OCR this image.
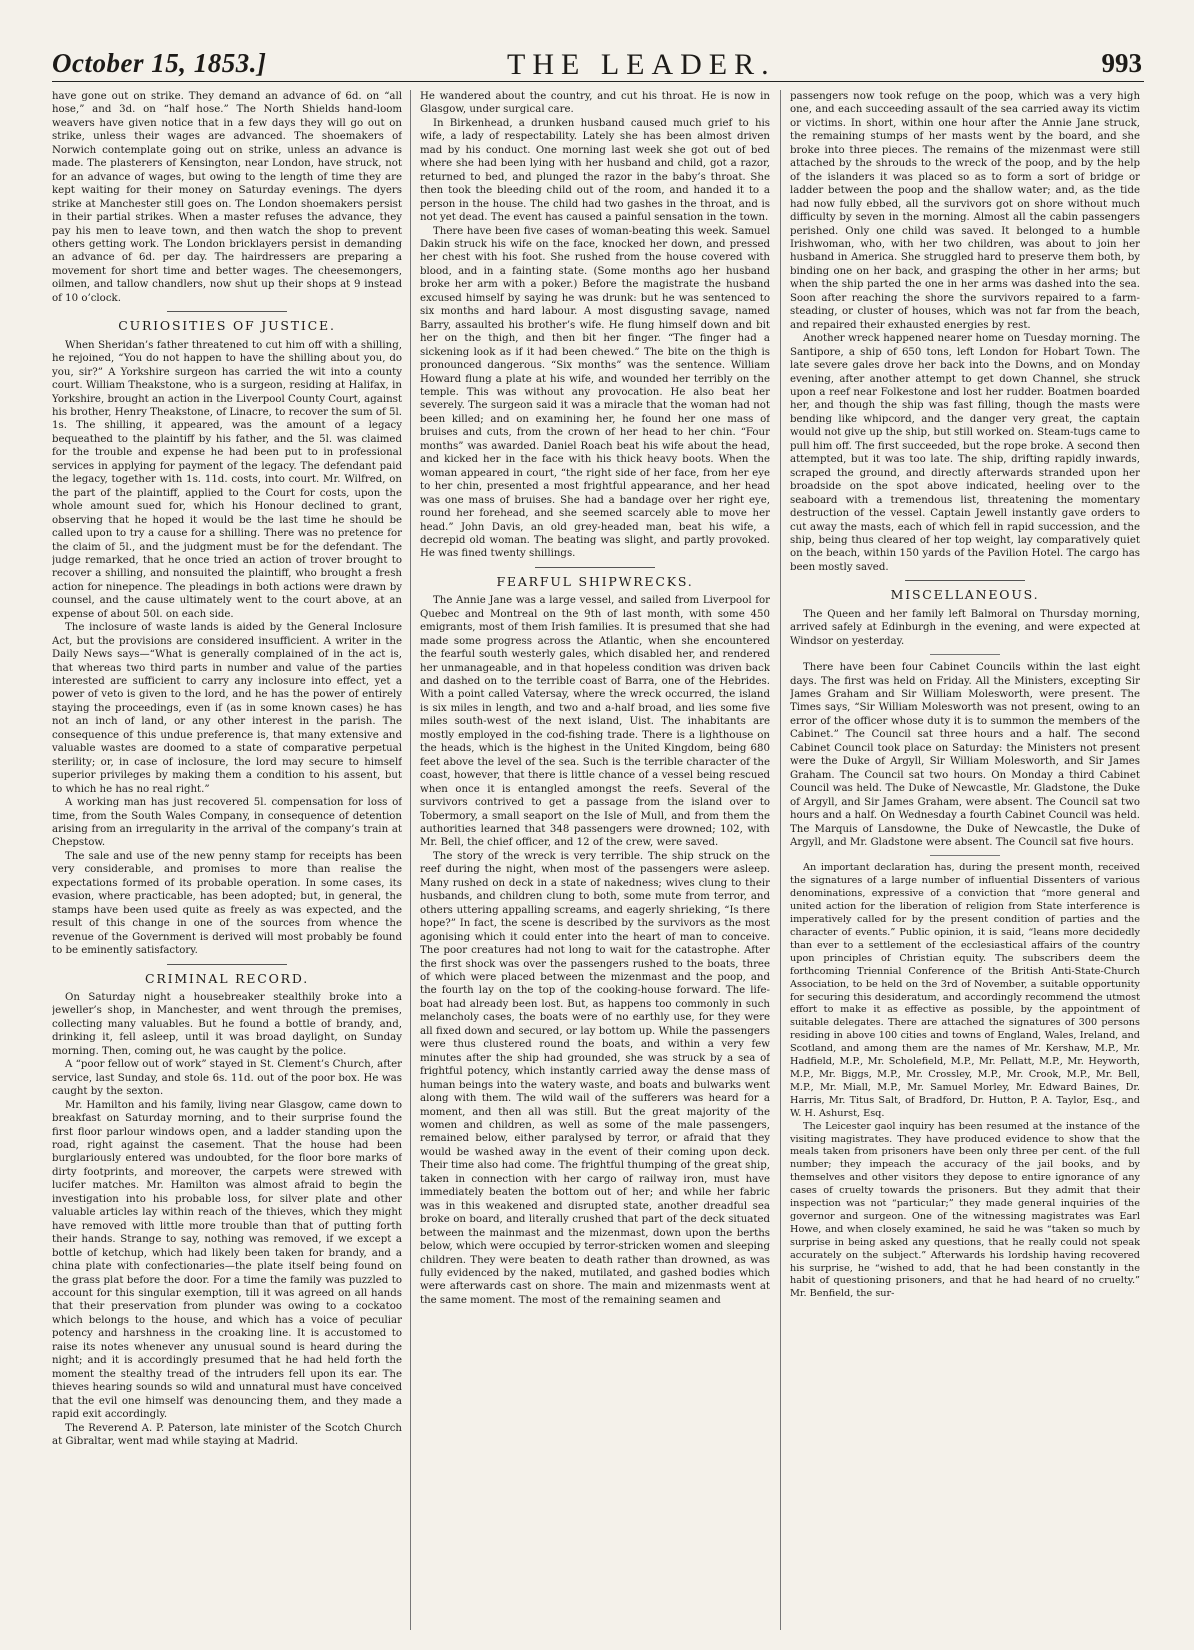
October 15, 1853.]	THE LEADER.	993

have gone out on strike. They demand an advance of 6d. on “all hose,” and 3d. on “half hose.” The North Shields hand-loom weavers have given notice that in a few days they will go out on strike, unless their wages are advanced. The shoemakers of Norwich contemplate going out on strike, unless an advance is made. The plasterers of Kensington, near London, have struck, not for an advance of wages, but owing to the length of time they are kept waiting for their money on Saturday evenings. The dyers strike at Manchester still goes on. The London shoemakers persist in their partial strikes. When a master refuses the advance, they pay his men to leave town, and then watch the shop to prevent others getting work. The London bricklayers persist in demanding an advance of 6d. per day. The hairdressers are preparing a movement for short time and better wages. The cheesemongers, oilmen, and tallow chandlers, now shut up their shops at 9 instead of 10 o’clock.

CURIOSITIES OF JUSTICE.

When Sheridan’s father threatened to cut him off with a shilling, he rejoined, “You do not happen to have the shilling about you, do you, sir?” A Yorkshire surgeon has carried the wit into a county court. William Theakstone, who is a surgeon, residing at Halifax, in Yorkshire, brought an action in the Liverpool County Court, against his brother, Henry Theakstone, of Linacre, to recover the sum of 5l. 1s. The shilling, it appeared, was the amount of a legacy bequeathed to the plaintiff by his father, and the 5l. was claimed for the trouble and expense he had been put to in professional services in applying for payment of the legacy. The defendant paid the legacy, together with 1s. 11d. costs, into court. Mr. Wilfred, on the part of the plaintiff, applied to the Court for costs, upon the whole amount sued for, which his Honour declined to grant, observing that he hoped it would be the last time he should be called upon to try a cause for a shilling. There was no pretence for the claim of 5l., and the judgment must be for the defendant. The judge remarked, that he once tried an action of trover brought to recover a shilling, and nonsuited the plaintiff, who brought a fresh action for ninepence. The pleadings in both actions were drawn by counsel, and the cause ultimately went to the court above, at an expense of about 50l. on each side.

The inclosure of waste lands is aided by the General Inclosure Act, but the provisions are considered insufficient. A writer in the Daily News says—“What is generally complained of in the act is, that whereas two third parts in number and value of the parties interested are sufficient to carry any inclosure into effect, yet a power of veto is given to the lord, and he has the power of entirely staying the proceedings, even if (as in some known cases) he has not an inch of land, or any other interest in the parish. The consequence of this undue preference is, that many extensive and valuable wastes are doomed to a state of comparative perpetual sterility; or, in case of inclosure, the lord may secure to himself superior privileges by making them a condition to his assent, but to which he has no real right.”

A working man has just recovered 5l. compensation for loss of time, from the South Wales Company, in consequence of detention arising from an irregularity in the arrival of the company’s train at Chepstow.

The sale and use of the new penny stamp for receipts has been very considerable, and promises to more than realise the expectations formed of its probable operation. In some cases, its evasion, where practicable, has been adopted; but, in general, the stamps have been used quite as freely as was expected, and the result of this change in one of the sources from whence the revenue of the Government is derived will most probably be found to be eminently satisfactory.

CRIMINAL RECORD.

On Saturday night a housebreaker stealthily broke into a jeweller’s shop, in Manchester, and went through the premises, collecting many valuables. But he found a bottle of brandy, and, drinking it, fell asleep, until it was broad daylight, on Sunday morning. Then, coming out, he was caught by the police.

A “poor fellow out of work” stayed in St. Clement’s Church, after service, last Sunday, and stole 6s. 11d. out of the poor box. He was caught by the sexton.

Mr. Hamilton and his family, living near Glasgow, came down to breakfast on Saturday morning, and to their surprise found the first floor parlour windows open, and a ladder standing upon the road, right against the casement. That the house had been burglariously entered was undoubted, for the floor bore marks of dirty footprints, and moreover, the carpets were strewed with lucifer matches. Mr. Hamilton was almost afraid to begin the investigation into his probable loss, for silver plate and other valuable articles lay within reach of the thieves, which they might have removed with little more trouble than that of putting forth their hands. Strange to say, nothing was removed, if we except a bottle of ketchup, which had likely been taken for brandy, and a china plate with confectionaries—the plate itself being found on the grass plat before the door. For a time the family was puzzled to account for this singular exemption, till it was agreed on all hands that their preservation from plunder was owing to a cockatoo which belongs to the house, and which has a voice of peculiar potency and harshness in the croaking line. It is accustomed to raise its notes whenever any unusual sound is heard during the night; and it is accordingly presumed that he had held forth the moment the stealthy tread of the intruders fell upon its ear. The thieves hearing sounds so wild and unnatural must have conceived that the evil one himself was denouncing them, and they made a rapid exit accordingly.

The Reverend A. P. Paterson, late minister of the Scotch Church at Gibraltar, went mad while staying at Madrid.

He wandered about the country, and cut his throat. He is now in Glasgow, under surgical care.

In Birkenhead, a drunken husband caused much grief to his wife, a lady of respectability. Lately she has been almost driven mad by his conduct. One morning last week she got out of bed where she had been lying with her husband and child, got a razor, returned to bed, and plunged the razor in the baby’s throat. She then took the bleeding child out of the room, and handed it to a person in the house. The child had two gashes in the throat, and is not yet dead. The event has caused a painful sensation in the town.

There have been five cases of woman-beating this week. Samuel Dakin struck his wife on the face, knocked her down, and pressed her chest with his foot. She rushed from the house covered with blood, and in a fainting state. (Some months ago her husband broke her arm with a poker.) Before the magistrate the husband excused himself by saying he was drunk: but he was sentenced to six months and hard labour. A most disgusting savage, named Barry, assaulted his brother’s wife. He flung himself down and bit her on the thigh, and then bit her finger. “The finger had a sickening look as if it had been chewed.” The bite on the thigh is pronounced dangerous. “Six months” was the sentence. William Howard flung a plate at his wife, and wounded her terribly on the temple. This was without any provocation. He also beat her severely. The surgeon said it was a miracle that the woman had not been killed; and on examining her, he found her one mass of bruises and cuts, from the crown of her head to her chin. “Four months” was awarded. Daniel Roach beat his wife about the head, and kicked her in the face with his thick heavy boots. When the woman appeared in court, “the right side of her face, from her eye to her chin, presented a most frightful appearance, and her head was one mass of bruises. She had a bandage over her right eye, round her forehead, and she seemed scarcely able to move her head.” John Davis, an old grey-headed man, beat his wife, a decrepid old woman. The beating was slight, and partly provoked. He was fined twenty shillings.

FEARFUL SHIPWRECKS.

The Annie Jane was a large vessel, and sailed from Liverpool for Quebec and Montreal on the 9th of last month, with some 450 emigrants, most of them Irish families. It is presumed that she had made some progress across the Atlantic, when she encountered the fearful south westerly gales, which disabled her, and rendered her unmanageable, and in that hopeless condition was driven back and dashed on to the terrible coast of Barra, one of the Hebrides. With a point called Vatersay, where the wreck occurred, the island is six miles in length, and two and a-half broad, and lies some five miles south-west of the next island, Uist. The inhabitants are mostly employed in the cod-fishing trade. There is a lighthouse on the heads, which is the highest in the United Kingdom, being 680 feet above the level of the sea. Such is the terrible character of the coast, however, that there is little chance of a vessel being rescued when once it is entangled amongst the reefs. Several of the survivors contrived to get a passage from the island over to Tobermory, a small seaport on the Isle of Mull, and from them the authorities learned that 348 passengers were drowned; 102, with Mr. Bell, the chief officer, and 12 of the crew, were saved.

The story of the wreck is very terrible. The ship struck on the reef during the night, when most of the passengers were asleep. Many rushed on deck in a state of nakedness; wives clung to their husbands, and children clung to both, some mute from terror, and others uttering appalling screams, and eagerly shrieking, “Is there hope?” In fact, the scene is described by the survivors as the most agonising which it could enter into the heart of man to conceive. The poor creatures had not long to wait for the catastrophe. After the first shock was over the passengers rushed to the boats, three of which were placed between the mizenmast and the poop, and the fourth lay on the top of the cooking-house forward. The life-boat had already been lost. But, as happens too commonly in such melancholy cases, the boats were of no earthly use, for they were all fixed down and secured, or lay bottom up. While the passengers were thus clustered round the boats, and within a very few minutes after the ship had grounded, she was struck by a sea of frightful potency, which instantly carried away the dense mass of human beings into the watery waste, and boats and bulwarks went along with them. The wild wail of the sufferers was heard for a moment, and then all was still. But the great majority of the women and children, as well as some of the male passengers, remained below, either paralysed by terror, or afraid that they would be washed away in the event of their coming upon deck. Their time also had come. The frightful thumping of the great ship, taken in connection with her cargo of railway iron, must have immediately beaten the bottom out of her; and while her fabric was in this weakened and disrupted state, another dreadful sea broke on board, and literally crushed that part of the deck situated between the mainmast and the mizenmast, down upon the berths below, which were occupied by terror-stricken women and sleeping children. They were beaten to death rather than drowned, as was fully evidenced by the naked, mutilated, and gashed bodies which were afterwards cast on shore. The main and mizenmasts went at the same moment. The most of the remaining seamen and

passengers now took refuge on the poop, which was a very high one, and each succeeding assault of the sea carried away its victim or victims. In short, within one hour after the Annie Jane struck, the remaining stumps of her masts went by the board, and she broke into three pieces. The remains of the mizenmast were still attached by the shrouds to the wreck of the poop, and by the help of the islanders it was placed so as to form a sort of bridge or ladder between the poop and the shallow water; and, as the tide had now fully ebbed, all the survivors got on shore without much difficulty by seven in the morning. Almost all the cabin passengers perished. Only one child was saved. It belonged to a humble Irishwoman, who, with her two children, was about to join her husband in America. She struggled hard to preserve them both, by binding one on her back, and grasping the other in her arms; but when the ship parted the one in her arms was dashed into the sea. Soon after reaching the shore the survivors repaired to a farm-steading, or cluster of houses, which was not far from the beach, and repaired their exhausted energies by rest.

Another wreck happened nearer home on Tuesday morning. The Santipore, a ship of 650 tons, left London for Hobart Town. The late severe gales drove her back into the Downs, and on Monday evening, after another attempt to get down Channel, she struck upon a reef near Folkestone and lost her rudder. Boatmen boarded her, and though the ship was fast filling, though the masts were bending like whipcord, and the danger very great, the captain would not give up the ship, but still worked on. Steam-tugs came to pull him off. The first succeeded, but the rope broke. A second then attempted, but it was too late. The ship, drifting rapidly inwards, scraped the ground, and directly afterwards stranded upon her broadside on the spot above indicated, heeling over to the seaboard with a tremendous list, threatening the momentary destruction of the vessel. Captain Jewell instantly gave orders to cut away the masts, each of which fell in rapid succession, and the ship, being thus cleared of her top weight, lay comparatively quiet on the beach, within 150 yards of the Pavilion Hotel. The cargo has been mostly saved.

MISCELLANEOUS.

The Queen and her family left Balmoral on Thursday morning, arrived safely at Edinburgh in the evening, and were expected at Windsor on yesterday.

There have been four Cabinet Councils within the last eight days. The first was held on Friday. All the Ministers, excepting Sir James Graham and Sir William Molesworth, were present. The Times says, “Sir William Molesworth was not present, owing to an error of the officer whose duty it is to summon the members of the Cabinet.” The Council sat three hours and a half. The second Cabinet Council took place on Saturday: the Ministers not present were the Duke of Argyll, Sir William Molesworth, and Sir James Graham. The Council sat two hours. On Monday a third Cabinet Council was held. The Duke of Newcastle, Mr. Gladstone, the Duke of Argyll, and Sir James Graham, were absent. The Council sat two hours and a half. On Wednesday a fourth Cabinet Council was held. The Marquis of Lansdowne, the Duke of Newcastle, the Duke of Argyll, and Mr. Gladstone were absent. The Council sat five hours.

An important declaration has, during the present month, received the signatures of a large number of influential Dissenters of various denominations, expressive of a conviction that “more general and united action for the liberation of religion from State interference is imperatively called for by the present condition of parties and the character of events.” Public opinion, it is said, “leans more decidedly than ever to a settlement of the ecclesiastical affairs of the country upon principles of Christian equity. The subscribers deem the forthcoming Triennial Conference of the British Anti-State-Church Association, to be held on the 3rd of November, a suitable opportunity for securing this desideratum, and accordingly recommend the utmost effort to make it as effective as possible, by the appointment of suitable delegates. There are attached the signatures of 300 persons residing in above 100 cities and towns of England, Wales, Ireland, and Scotland, and among them are the names of Mr. Kershaw, M.P., Mr. Hadfield, M.P., Mr. Scholefield, M.P., Mr. Pellatt, M.P., Mr. Heyworth, M.P., Mr. Biggs, M.P., Mr. Crossley, M.P., Mr. Crook, M.P., Mr. Bell, M.P., Mr. Miall, M.P., Mr. Samuel Morley, Mr. Edward Baines, Dr. Harris, Mr. Titus Salt, of Bradford, Dr. Hutton, P. A. Taylor, Esq., and W. H. Ashurst, Esq.

The Leicester gaol inquiry has been resumed at the instance of the visiting magistrates. They have produced evidence to show that the meals taken from prisoners have been only three per cent. of the full number; they impeach the accuracy of the jail books, and by themselves and other visitors they depose to entire ignorance of any cases of cruelty towards the prisoners. But they admit that their inspection was not “particular;” they made general inquiries of the governor and surgeon. One of the witnessing magistrates was Earl Howe, and when closely examined, he said he was “taken so much by surprise in being asked any questions, that he really could not speak accurately on the subject.” Afterwards his lordship having recovered his surprise, he “wished to add, that he had been constantly in the habit of questioning prisoners, and that he had heard of no cruelty.” Mr. Benfield, the sur-
